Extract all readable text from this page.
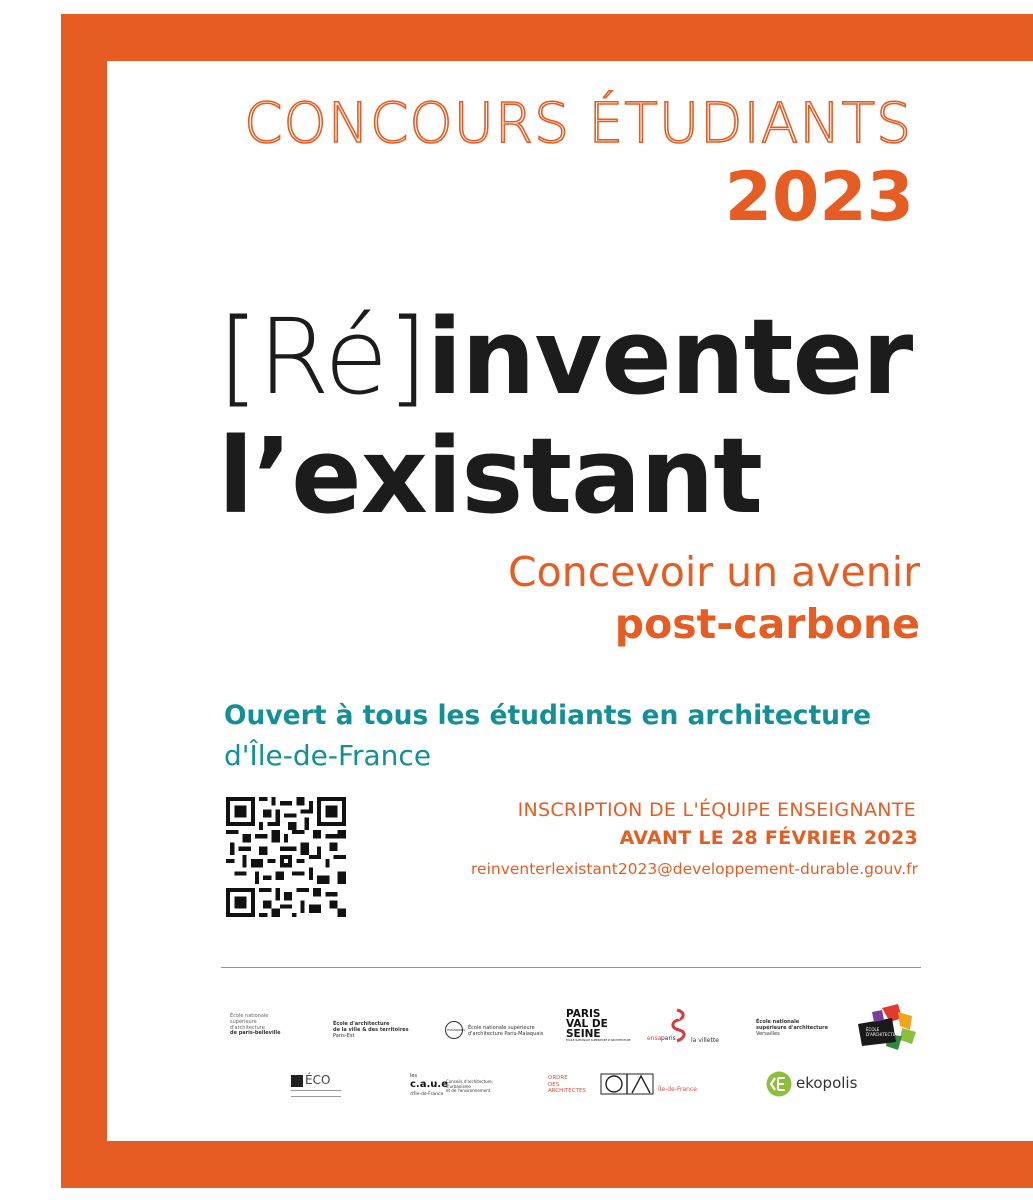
CONCOURS ÉTUDIANTS
2023
[Ré]inventer
l’existant
Concevoir un avenir
post-carbone
Ouvert à tous les étudiants en architecture
d'Île-de-France
INSCRIPTION DE L'ÉQUIPE ENSEIGNANTE
AVANT LE 28 FÉVRIER 2023
reinventerlexistant2023@developpement-durable.gouv.fr
École nationale
supérieure
d'architecture
de paris-belleville
École d'architecture
de la ville & des territoires
Paris-Est
malaquais École nationale supérieure
d'architecture Paris-Malaquais
PARIS
VAL DE
SEINE
ÉCOLE NATIONALE SUPÉRIEURE D'ARCHITECTURE	ensa paris	la villette
École nationale
supérieure d'architecture
Versailles
ÉCOLE
D'ARCHITECTURE
ÉCO	les
c.a.u.e
d'Île-de-France
Conseils d'architecture,
d'urbanisme
et de l'environnement
ORDRE
DES
ARCHITECTES	Île-de-France	ekopolis
